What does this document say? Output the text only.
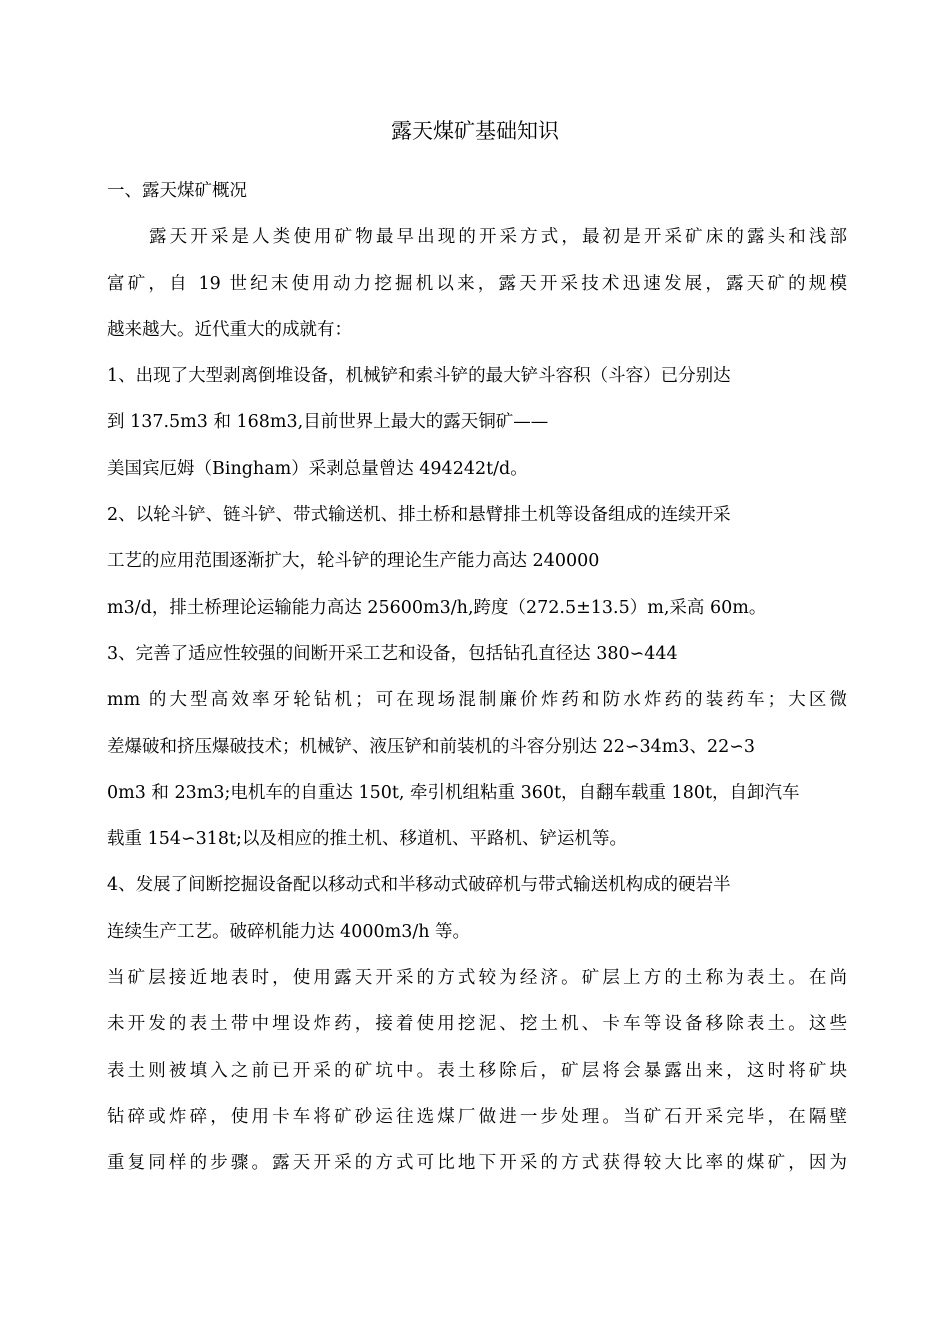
露天煤矿基础知识
一、露天煤矿概况
露天开采是人类使用矿物最早出现的开采方式，最初是开采矿床的露头和浅部
富矿，自 19 世纪末使用动力挖掘机以来，露天开采技术迅速发展，露天矿的规模
越来越大。近代重大的成就有：
1、出现了大型剥离倒堆设备，机械铲和索斗铲的最大铲斗容积（斗容）已分别达
到 137.5m3 和 168m3,目前世界上最大的露天铜矿——
美国宾厄姆（Bingham）采剥总量曾达 494242t/d。
2、以轮斗铲、链斗铲、带式输送机、排土桥和悬臂排土机等设备组成的连续开采
工艺的应用范围逐渐扩大，轮斗铲的理论生产能力高达 240000
m3/d，排土桥理论运输能力高达 25600m3/h,跨度（272.5±13.5）m,采高 60m。
3、完善了适应性较强的间断开采工艺和设备，包括钻孔直径达 380∽444
mm 的大型高效率牙轮钻机；可在现场混制廉价炸药和防水炸药的装药车；大区微
差爆破和挤压爆破技术；机械铲、液压铲和前装机的斗容分别达 22∽34m3、22∽3
0m3 和 23m3;电机车的自重达 150t, 牵引机组粘重 360t，自翻车载重 180t，自卸汽车
载重 154∽318t;以及相应的推土机、移道机、平路机、铲运机等。
4、发展了间断挖掘设备配以移动式和半移动式破碎机与带式输送机构成的硬岩半
连续生产工艺。破碎机能力达 4000m3/h 等。
当矿层接近地表时，使用露天开采的方式较为经济。矿层上方的土称为表土。在尚
未开发的表土带中埋设炸药，接着使用挖泥、挖土机、卡车等设备移除表土。这些
表土则被填入之前已开采的矿坑中。表土移除后，矿层将会暴露出来，这时将矿块
钻碎或炸碎，使用卡车将矿砂运往选煤厂做进一步处理。当矿石开采完毕，在隔壁
重复同样的步骤。露天开采的方式可比地下开采的方式获得较大比率的煤矿，因为
